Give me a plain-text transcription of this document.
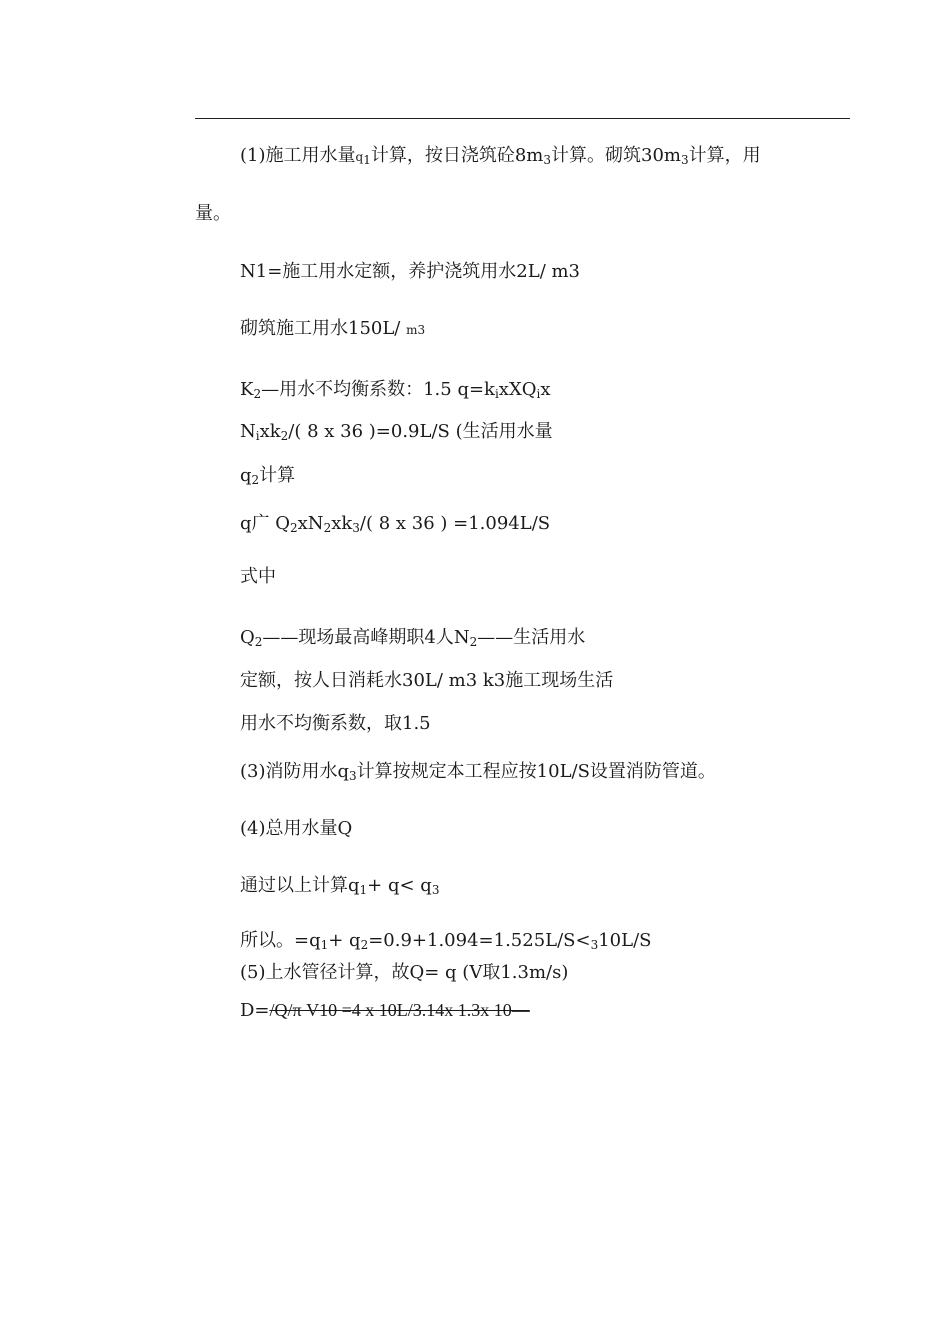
(1)施工用水量$q_1$计算，按日浇筑砼$8m_3$计算。砌筑$30m_3$计算，用
量。
N1=施工用水定额，养护浇筑用水2L/ m3
砌筑施工用水150L/ m3
$K_2—$用水不均衡系数：1.5 $q=k_ixXQ_ix$
$N_ixk_2/$( 8 x 36 )=0.9L/S (生活用水量
$q_2$计算
q广 $Q_2xN_2xk_3/$( 8 x 36 ) =1.094L/S
式中
$Q_2——$现场最高峰期职4人$N_2——$生活用水
定额，按人日消耗水30L/ m3 k3施工现场生活
用水不均衡系数，取1.5
(3)消防用水$q_3$计算按规定本工程应按10L/S设置消防管道。
(4)总用水量Q
通过以上计算$q_1+ q< q_3$
所以。$=q_1+ q_2=0.9+1.094=1.525L/S<_310L/S$
(5)上水管径计算，故Q= q (V取1.3m/s)
D=/Q/π V10 =4 x 10L/3.14x 1.3x 10—
